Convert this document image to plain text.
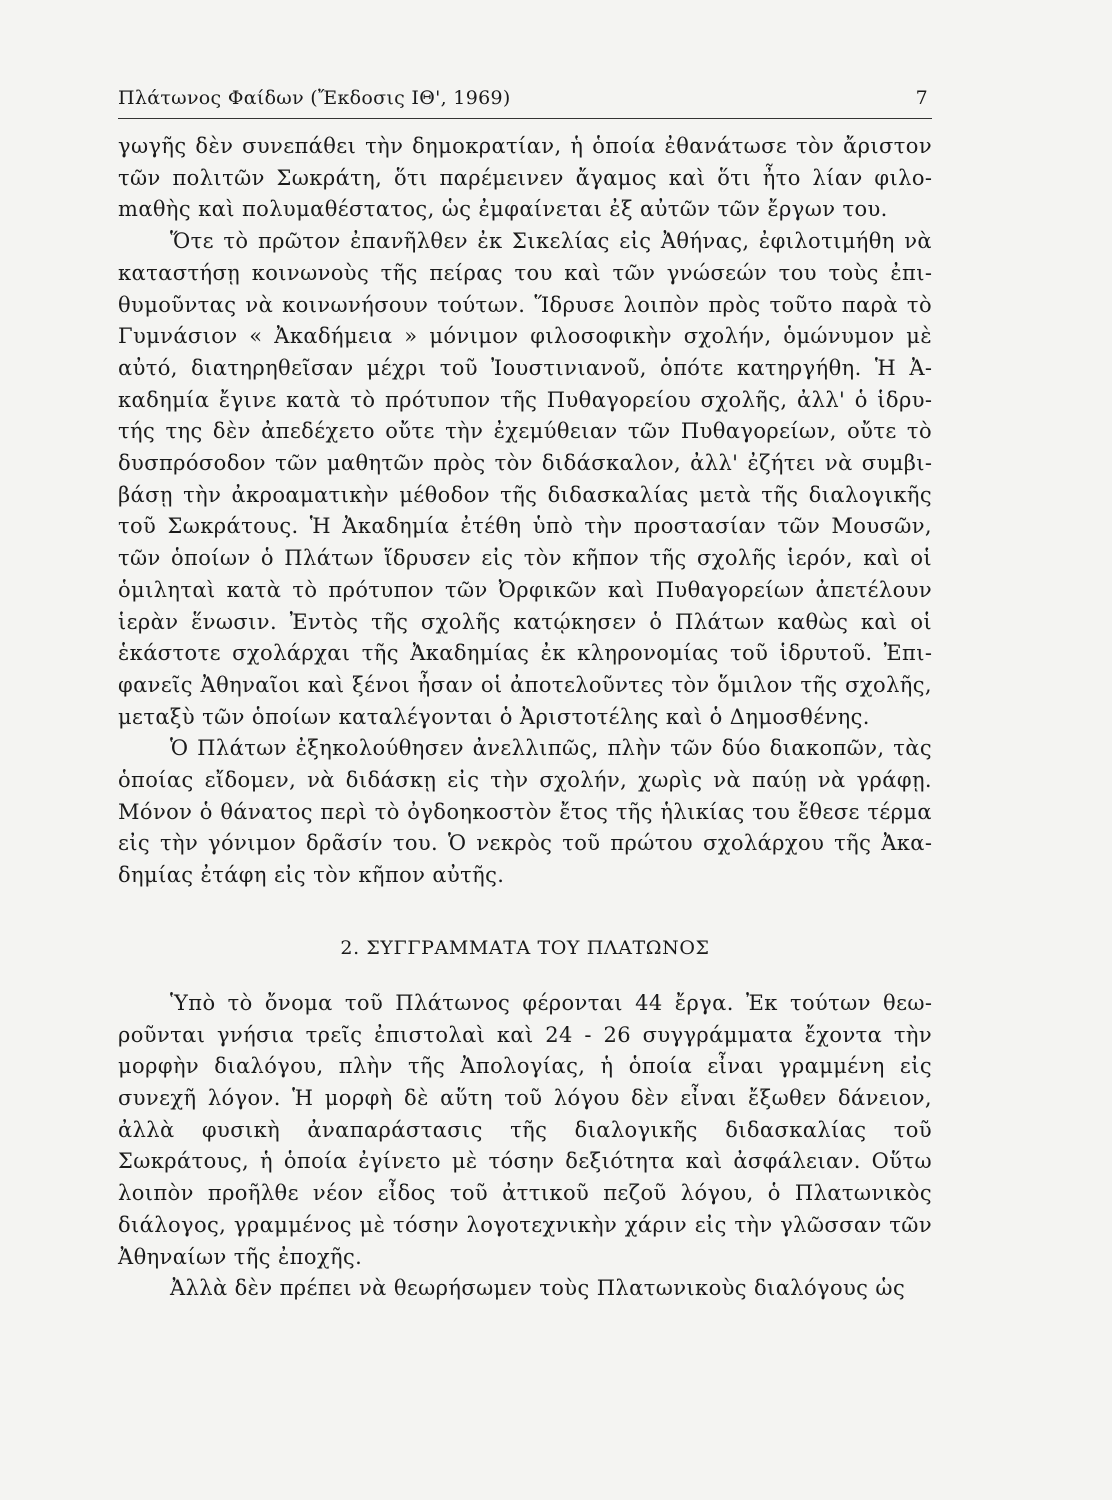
Πλάτωνος Φαίδων (Ἔκδοσις ΙΘ', 1969)	7

γωγῆς δὲν συνεπάθει τὴν δημοκρατίαν, ἡ ὁποία ἐθανάτωσε τὸν ἄριστον τῶν πολιτῶν Σωκράτη, ὅτι παρέμεινεν ἄγαμος καὶ ὅτι ἦτο λίαν φιλοmαθὴς καὶ πολυμαθέστατος, ὡς ἐμφαίνεται ἐξ αὐτῶν τῶν ἔργων του.

Ὅτε τὸ πρῶτον ἐπανῆλθεν ἐκ Σικελίας εἰς Ἀθήνας, ἐφιλοτιμήθη νὰ καταστήσῃ κοινωνοὺς τῆς πείρας του καὶ τῶν γνώσεών του τοὺς ἐπιθυμοῦντας νὰ κοινωνήσουν τούτων. Ἵδρυσε λοιπὸν πρὸς τοῦτο παρὰ τὸ Γυμνάσιον « Ἀκαδήμεια » μόνιμον φιλοσοφικὴν σχολήν, ὁμώνυμον μὲ αὐτό, διατηρηθεῖσαν μέχρι τοῦ Ἰουστινιανοῦ, ὁπότε κατηργήθη. Ἡ Ἀκαδημία ἔγινε κατὰ τὸ πρότυπον τῆς Πυθαγορείου σχολῆς, ἀλλ' ὁ ἱδρυτής της δὲν ἀπεδέχετο οὔτε τὴν ἐχεμύθειαν τῶν Πυθαγορείων, οὔτε τὸ δυσπρόσοδον τῶν μαθητῶν πρὸς τὸν διδάσκαλον, ἀλλ' ἐζήτει νὰ συμβιβάσῃ τὴν ἀκροαματικὴν μέθοδον τῆς διδασκαλίας μετὰ τῆς διαλογικῆς τοῦ Σωκράτους. Ἡ Ἀκαδημία ἐτέθη ὑπὸ τὴν προστασίαν τῶν Μουσῶν, τῶν ὁποίων ὁ Πλάτων ἵδρυσεν εἰς τὸν κῆπον τῆς σχολῆς ἱερόν, καὶ οἱ ὁμιληταὶ κατὰ τὸ πρότυπον τῶν Ὀρφικῶν καὶ Πυθαγορείων ἀπετέλουν ἱερὰν ἕνωσιν. Ἐντὸς τῆς σχολῆς κατῴκησεν ὁ Πλάτων καθὼς καὶ οἱ ἑκάστοτε σχολάρχαι τῆς Ἀκαδημίας ἐκ κληρονομίας τοῦ ἱδρυτοῦ. Ἐπιφανεῖς Ἀθηναῖοι καὶ ξένοι ἦσαν οἱ ἀποτελοῦντες τὸν ὅμιλον τῆς σχολῆς, μεταξὺ τῶν ὁποίων καταλέγονται ὁ Ἀριστοτέλης καὶ ὁ Δημοσθένης.

Ὁ Πλάτων ἐξηκολούθησεν ἀνελλιπῶς, πλὴν τῶν δύο διακοπῶν, τὰς ὁποίας εἴδομεν, νὰ διδάσκῃ εἰς τὴν σχολήν, χωρὶς νὰ παύῃ νὰ γράφῃ. Μόνον ὁ θάνατος περὶ τὸ ὀγδοηκοστὸν ἔτος τῆς ἡλικίας του ἔθεσε τέρμα εἰς τὴν γόνιμον δρᾶσίν του. Ὁ νεκρὸς τοῦ πρώτου σχολάρχου τῆς Ἀκαδημίας ἐτάφη εἰς τὸν κῆπον αὐτῆς.

2. ΣΥΓΓΡΑΜΜΑΤΑ ΤΟΥ ΠΛΑΤΩΝΟΣ

Ὑπὸ τὸ ὄνομα τοῦ Πλάτωνος φέρονται 44 ἔργα. Ἐκ τούτων θεωροῦνται γνήσια τρεῖς ἐπιστολαὶ καὶ 24 - 26 συγγράμματα ἔχοντα τὴν μορφὴν διαλόγου, πλὴν τῆς Ἀπολογίας, ἡ ὁποία εἶναι γραμμένη εἰς συνεχῆ λόγον. Ἡ μορφὴ δὲ αὕτη τοῦ λόγου δὲν εἶναι ἔξωθεν δάνειον, ἀλλὰ φυσικὴ ἀναπαράστασις τῆς διαλογικῆς διδασκαλίας τοῦ Σωκράτους, ἡ ὁποία ἐγίνετο μὲ τόσην δεξιότητα καὶ ἀσφάλειαν. Οὕτω λοιπὸν προῆλθε νέον εἶδος τοῦ ἀττικοῦ πεζοῦ λόγου, ὁ Πλατωνικὸς διάλογος, γραμμένος μὲ τόσην λογοτεχνικὴν χάριν εἰς τὴν γλῶσσαν τῶν Ἀθηναίων τῆς ἐποχῆς.

Ἀλλὰ δὲν πρέπει νὰ θεωρήσωμεν τοὺς Πλατωνικοὺς διαλόγους ὡς
